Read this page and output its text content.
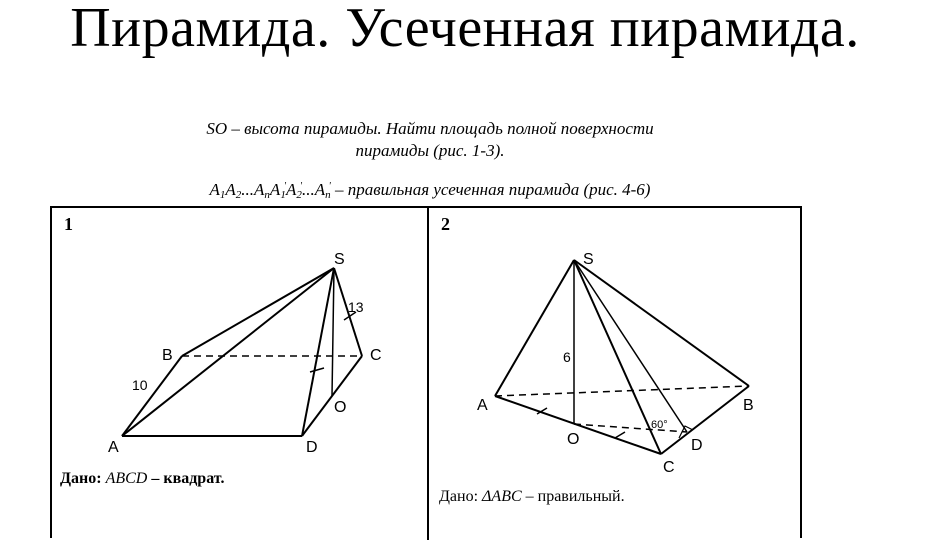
Пирамида. Усеченная пирамида.
SO – высота пирамиды. Найти площадь полной поверхности
пирамиды (рис. 1-3).
$A_1A_2...A_nA_1'A_2'...A_n'$ – правильная усеченная пирамида (рис. 4-6)
1
S
B	C
A	D
O
10
13
Дано: ABCD – квадрат.
2
S
A	B
O
C
D
6
60°
Дано: ΔABC – правильный.
